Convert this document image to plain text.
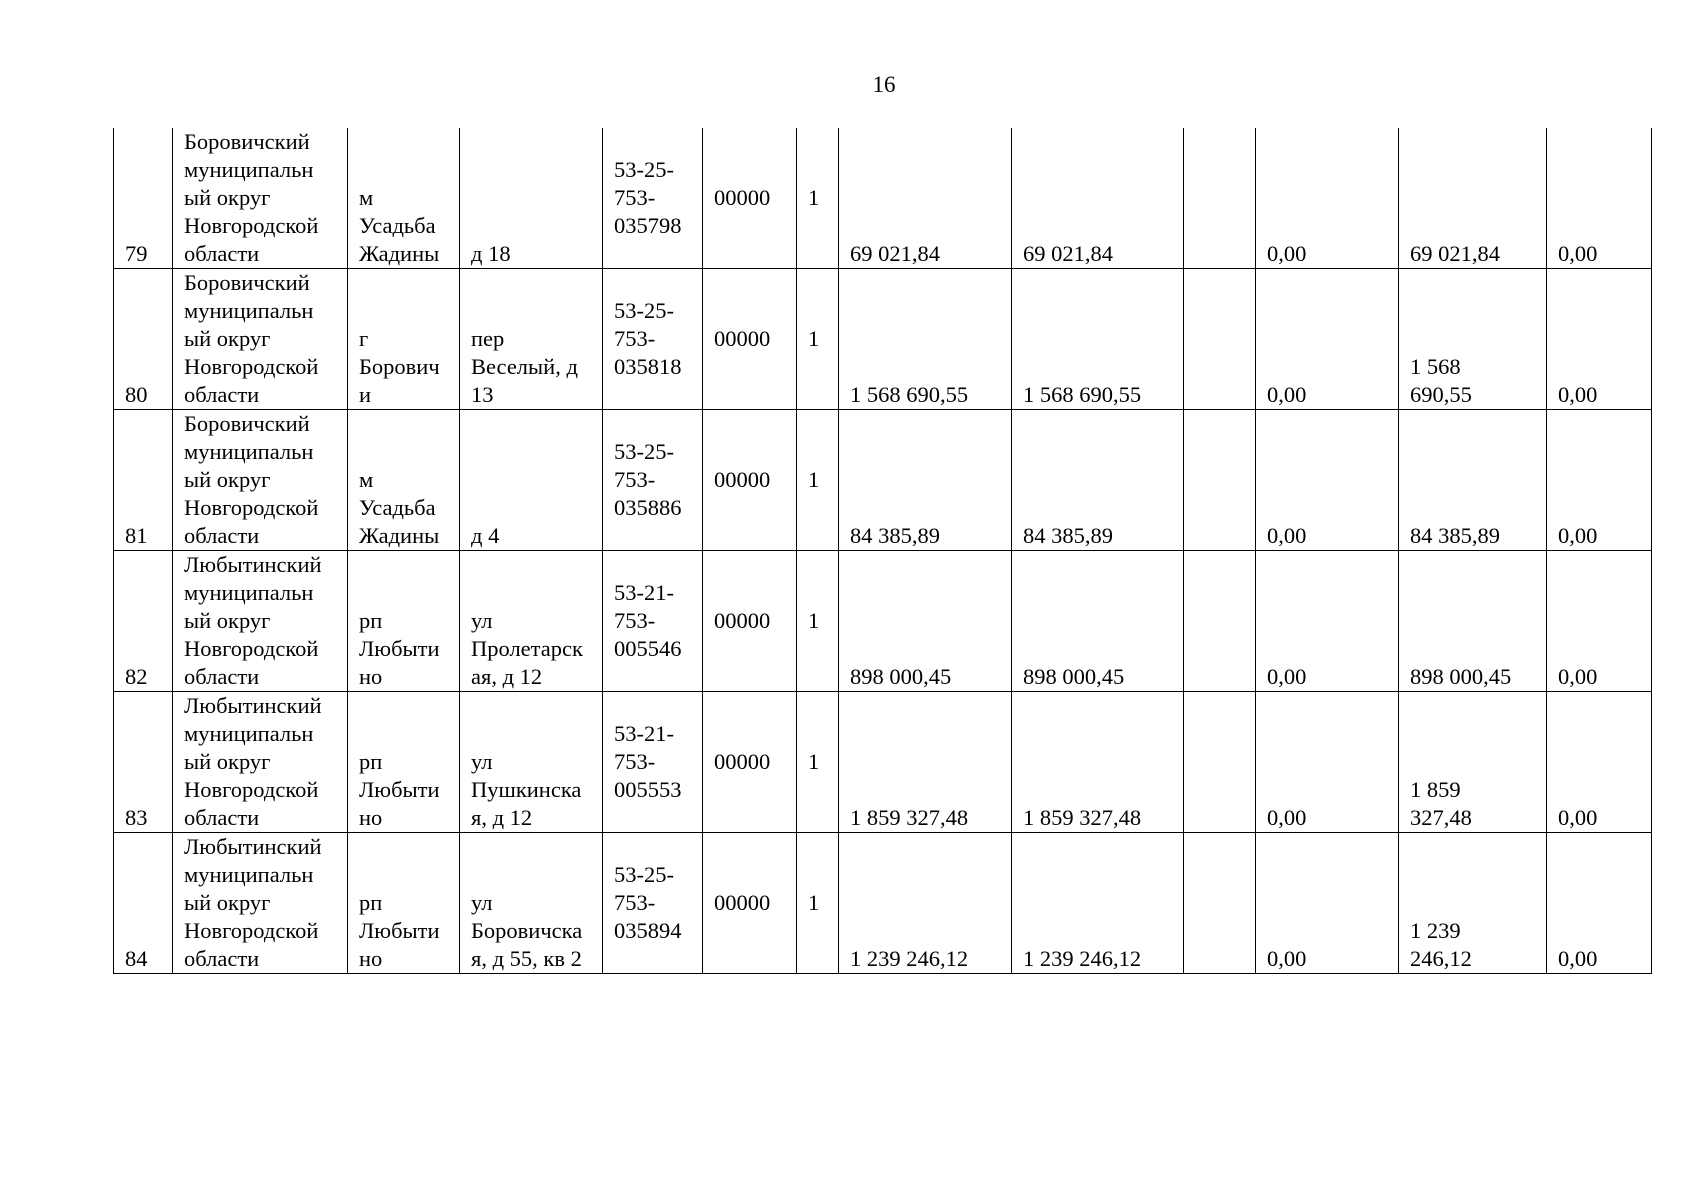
16
79	Боровичский
муниципальн
ый округ
Новгородской
области	м
Усадьба
Жадины	д 18	53-25-
753-
035798	00000	1	69 021,84	69 021,84		0,00	69 021,84	0,00
80	Боровичский
муниципальн
ый округ
Новгородской
области	г
Борович
и	пер
Веселый, д
13	53-25-
753-
035818	00000	1	1 568 690,55	1 568 690,55		0,00	1 568
690,55	0,00
81	Боровичский
муниципальн
ый округ
Новгородской
области	м
Усадьба
Жадины	д 4	53-25-
753-
035886	00000	1	84 385,89	84 385,89		0,00	84 385,89	0,00
82	Любытинский
муниципальн
ый округ
Новгородской
области	рп
Любыти
но	ул
Пролетарск
ая, д 12	53-21-
753-
005546	00000	1	898 000,45	898 000,45		0,00	898 000,45	0,00
83	Любытинский
муниципальн
ый округ
Новгородской
области	рп
Любыти
но	ул
Пушкинска
я, д 12	53-21-
753-
005553	00000	1	1 859 327,48	1 859 327,48		0,00	1 859
327,48	0,00
84	Любытинский
муниципальн
ый округ
Новгородской
области	рп
Любыти
но	ул
Боровичска
я, д 55, кв 2	53-25-
753-
035894	00000	1	1 239 246,12	1 239 246,12		0,00	1 239
246,12	0,00
